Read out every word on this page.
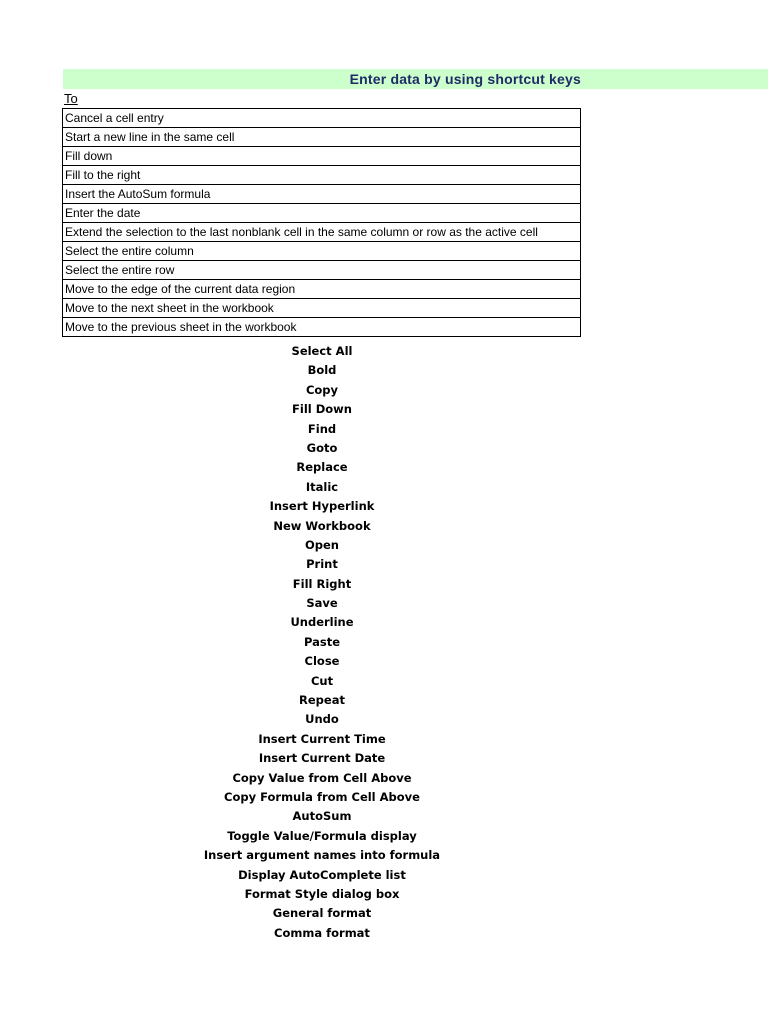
Enter data by using shortcut keys
To
Cancel a cell entry
Start a new line in the same cell
Fill down
Fill to the right
Insert the AutoSum formula
Enter the date
Extend the selection to the last nonblank cell in the same column or row as the active cell
Select the entire column
Select the entire row
Move to the edge of the current data region
Move to the next sheet in the workbook
Move to the previous sheet in the workbook
Select All
Bold
Copy
Fill Down
Find
Goto
Replace
Italic
Insert Hyperlink
New Workbook
Open
Print
Fill Right
Save
Underline
Paste
Close
Cut
Repeat
Undo
Insert Current Time
Insert Current Date
Copy Value from Cell Above
Copy Formula from Cell Above
AutoSum
Toggle Value/Formula display
Insert argument names into formula
Display AutoComplete list
Format Style dialog box
General format
Comma format
